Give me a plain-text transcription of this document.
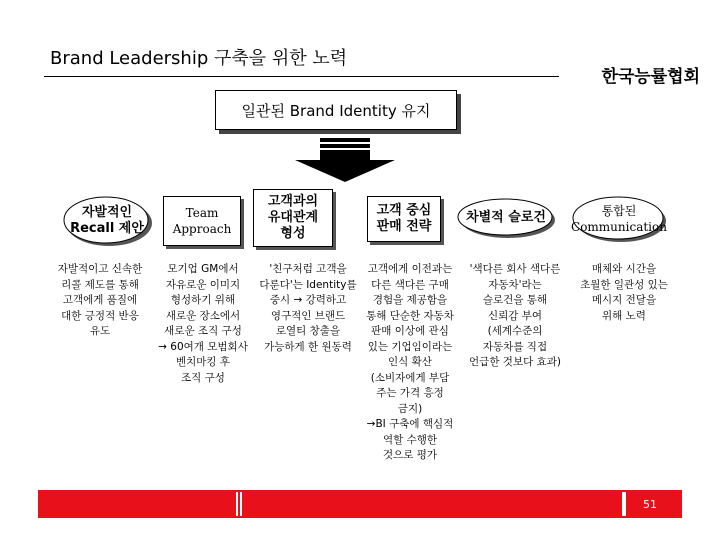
Brand Leadership 구축을 위한 노력
한국능률협회
일관된 Brand Identity 유지
자발적인
Recall 제안
Team
Approach
고객과의
유대관계
형성
고객 중심
판매 전략
차별적 슬로건	통합된
Communication
자발적이고 신속한
리콜 제도를 통해
고객에게 품질에
대한 긍정적 반응
유도
모기업 GM에서
자유로운 이미지
형성하기 위해
새로운 장소에서
새로운 조직 구성
→ 60여개 모범회사
벤치마킹 후
조직 구성
'친구처럼 고객을
다룬다'는 Identity를
중시 → 강력하고
영구적인 브랜드
로열티 창출을
가능하게 한 원동력
고객에게 이전과는
다른 색다른 구매
경험을 제공함을
통해 단순한 자동차
판매 이상에 관심
있는 기업임이라는
인식 확산
(소비자에게 부담
주는 가격 흥정
금지)
→BI 구축에 핵심적
역할 수행한
것으로 평가
'색다른 회사 색다른
자동차'라는
슬로건을 통해
신뢰감 부여
(세계수준의
자동차를 직접
언급한 것보다 효과)
매체와 시간을
초월한 일관성 있는
메시지 전달을
위해 노력
51
